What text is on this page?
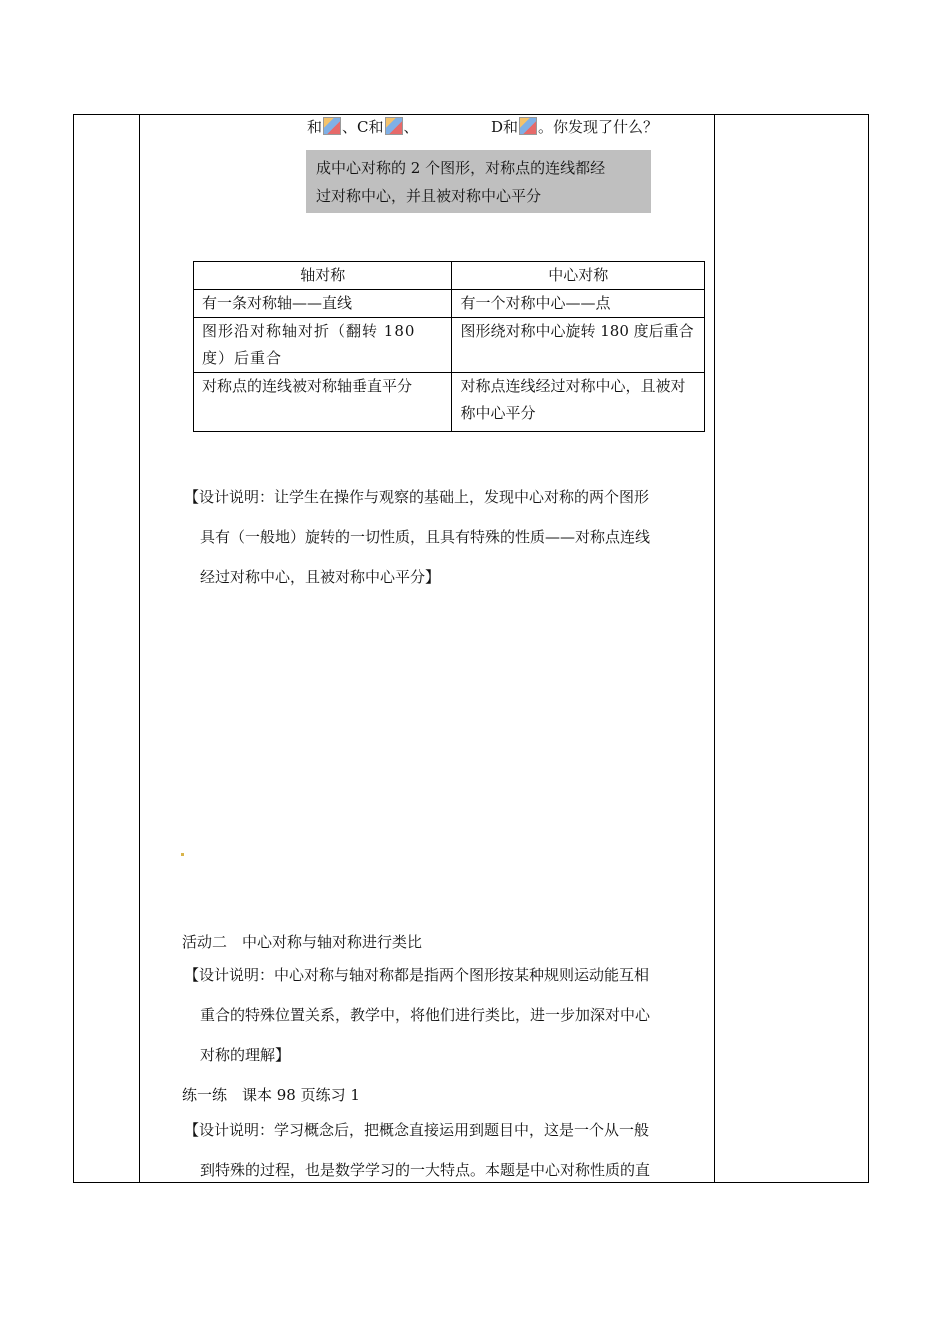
和 、C和 、	D和 。你发现了什么？
成中心对称的 2 个图形，对称点的连线都经
过对称中心，并且被对称中心平分
轴对称	中心对称
有一条对称轴——直线	有一个对称中心——点
图形沿对称轴对折（翻转 180 度）后重合	图形绕对称中心旋转 180 度后重合
对称点的连线被对称轴垂直平分	对称点连线经过对称中心，且被对称中心平分
【设计说明：让学生在操作与观察的基础上，发现中心对称的两个图形
具有（一般地）旋转的一切性质，且具有特殊的性质——对称点连线
经过对称中心，且被对称中心平分】
活动二　中心对称与轴对称进行类比
【设计说明：中心对称与轴对称都是指两个图形按某种规则运动能互相
重合的特殊位置关系，教学中，将他们进行类比，进一步加深对中心
对称的理解】
练一练　课本 98 页练习 1
【设计说明：学习概念后，把概念直接运用到题目中，这是一个从一般
到特殊的过程，也是数学学习的一大特点。本题是中心对称性质的直
